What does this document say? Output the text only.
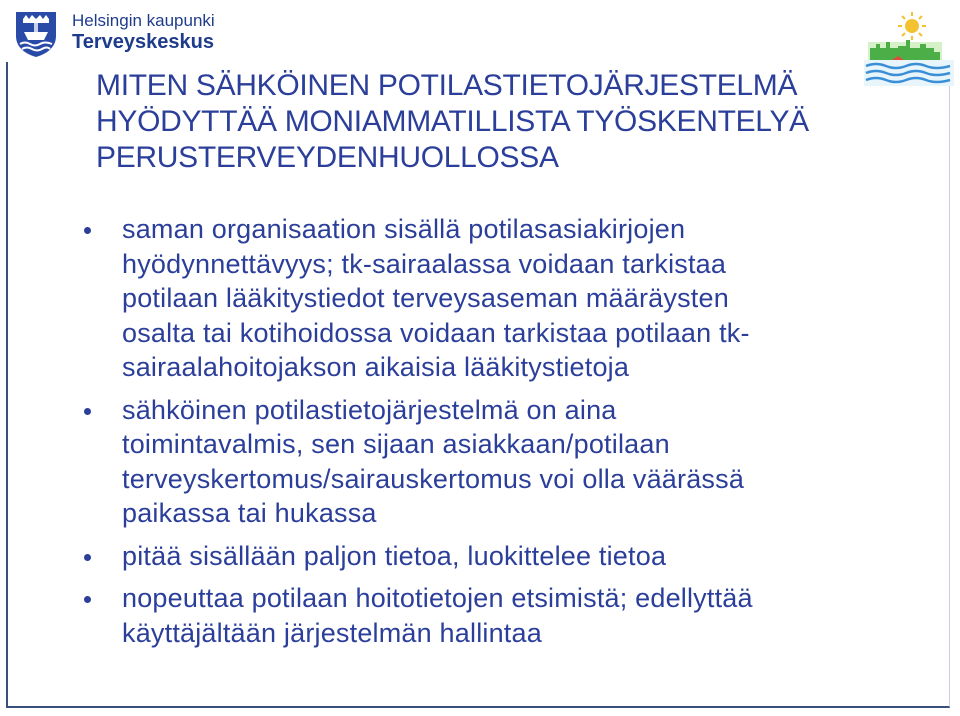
Helsingin kaupunki
Terveyskeskus
MITEN SÄHKÖINEN POTILASTIETOJÄRJESTELMÄ
HYÖDYTTÄÄ MONIAMMATILLISTA TYÖSKENTELYÄ
PERUSTERVEYDENHUOLLOSSA
saman organisaation sisällä potilasasiakirjojen
hyödynnettävyys; tk-sairaalassa voidaan tarkistaa
potilaan lääkitystiedot terveysaseman määräysten
osalta tai kotihoidossa voidaan tarkistaa potilaan tk-
sairaalahoitojakson aikaisia lääkitystietoja
sähköinen potilastietojärjestelmä on aina
toimintavalmis, sen sijaan asiakkaan/potilaan
terveyskertomus/sairauskertomus voi olla väärässä
paikassa tai hukassa
pitää sisällään paljon tietoa, luokittelee tietoa
nopeuttaa potilaan hoitotietojen etsimistä; edellyttää
käyttäjältään järjestelmän hallintaa
